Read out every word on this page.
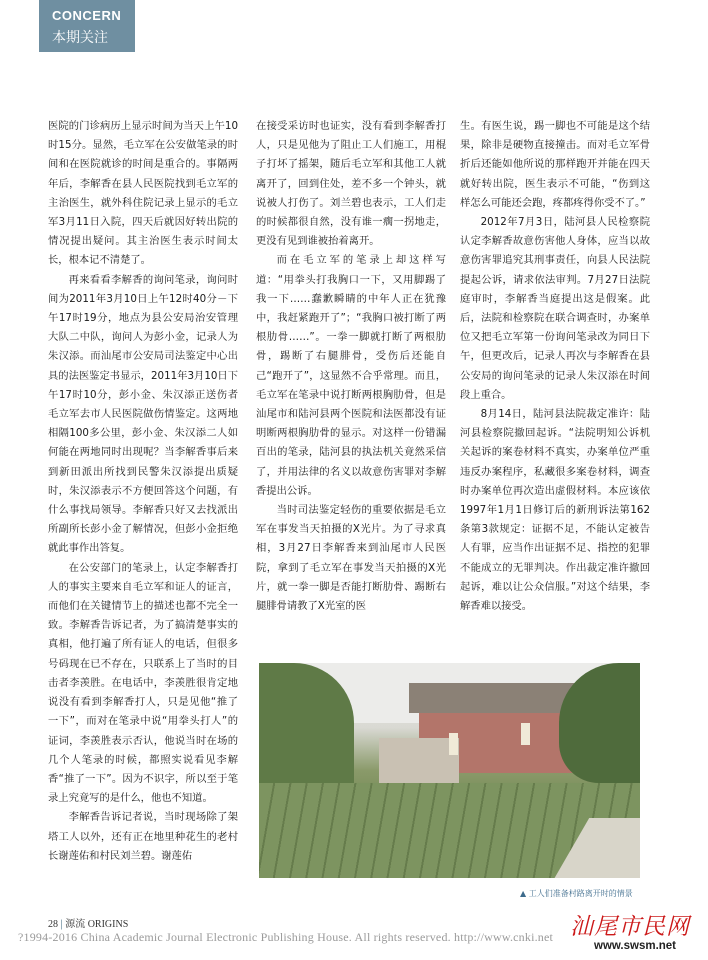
CONCERN
本期关注

医院的门诊病历上显示时间为当天上午10时15分。显然，毛立军在公安做笔录的时间和在医院就诊的时间是重合的。事隔两年后，李解香在县人民医院找到毛立军的主治医生，就外科住院记录上显示的毛立军3月11日入院，四天后就因好转出院的情况提出疑问。其主治医生表示时间太长，根本记不清楚了。

再来看看李解香的询问笔录，询问时间为2011年3月10日上午12时40分－下午17时19分，地点为县公安局治安管理大队二中队，询问人为彭小金，记录人为朱汉添。而汕尾市公安局司法鉴定中心出具的法医鉴定书显示，2011年3月10日下午17时10分，彭小金、朱汉添正送伤者毛立军去市人民医院做伤情鉴定。这两地相隔100多公里，彭小金、朱汉添二人如何能在两地同时出现呢？当李解香事后来到新田派出所找到民警朱汉添提出质疑时，朱汉添表示不方便回答这个问题，有什么事找局领导。李解香只好又去找派出所副所长彭小金了解情况，但彭小金拒绝就此事作出答复。

在公安部门的笔录上，认定李解香打人的事实主要来自毛立军和证人的证言，而他们在关键情节上的描述也都不完全一致。李解香告诉记者，为了搞清楚事实的真相，他打遍了所有证人的电话，但很多号码现在已不存在，只联系上了当时的目击者李羡胜。在电话中，李羡胜很肯定地说没有看到李解香打人，只是见他“推了一下”，而对在笔录中说“用拳头打人”的证词，李羡胜表示否认，他说当时在场的几个人笔录的时候，都照实说看见李解香“推了一下”。因为不识字，所以至于笔录上究竟写的是什么，他也不知道。

李解香告诉记者说，当时现场除了架塔工人以外，还有正在地里种花生的老村长谢莲佑和村民刘兰碧。谢莲佑

在接受采访时也证实，没有看到李解香打人，只是见他为了阻止工人们施工，用棍子打坏了摇架，随后毛立军和其他工人就离开了，回到住处，差不多一个钟头，就说被人打伤了。刘兰碧也表示，工人们走的时候都很自然，没有谁一瘸一拐地走，更没有见到谁被抬着离开。

而在毛立军的笔录上却这样写道：“用拳头打我胸口一下，又用脚踢了我一下……蠢歉瞬睛的中年人正在犹豫中，我赶紧跑开了”；“我胸口被打断了两根肋骨……”。一拳一脚就打断了两根肋骨，踢断了右腿腓骨，受伤后还能自己“跑开了”，这显然不合乎常理。而且，毛立军在笔录中说打断两根胸肋骨，但是汕尾市和陆河县两个医院和法医都没有证明断两根胸肋骨的显示。对这样一份错漏百出的笔录，陆河县的执法机关竟然采信了，并用法律的名义以故意伤害罪对李解香提出公诉。

当时司法鉴定轻伤的重要依据是毛立军在事发当天拍摄的X光片。为了寻求真相，3月27日李解香来到汕尾市人民医院，拿到了毛立军在事发当天拍摄的X光片，就一拳一脚是否能打断肋骨、踢断右腿腓骨请教了X光室的医

生。有医生说，踢一脚也不可能是这个结果，除非是硬物直接撞击。而对毛立军骨折后还能如他所说的那样跑开并能在四天就好转出院，医生表示不可能，“伤到这样怎么可能还会跑，疼都疼得你受不了。”

2012年7月3日，陆河县人民检察院认定李解香故意伤害他人身体，应当以故意伤害罪追究其刑事责任，向县人民法院提起公诉，请求依法审判。7月27日法院庭审时，李解香当庭提出这是假案。此后，法院和检察院在联合调查时，办案单位又把毛立军第一份询问笔录改为同日下午，但更改后，记录人再次与李解香在县公安局的询问笔录的记录人朱汉添在时间段上重合。

8月14日，陆河县法院裁定准许：陆河县检察院撤回起诉。“法院明知公诉机关起诉的案卷材料不真实，办案单位严重违反办案程序，私藏很多案卷材料，调查时办案单位再次造出虚假材料。本应该依1997年1月1日修订后的新刑诉法第162条第3款规定：证据不足，不能认定被告人有罪，应当作出证据不足、指控的犯罪不能成立的无罪判决。作出裁定准许撤回起诉，难以让公众信服。”对这个结果，李解香难以接受。

▲ 工人们准备村路离开时的情景
28 | 源流 ORIGINS
?1994-2016 China Academic Journal Electronic Publishing House. All rights reserved. http://www.cnki.net 汕尾市民网
www.swsm.net
